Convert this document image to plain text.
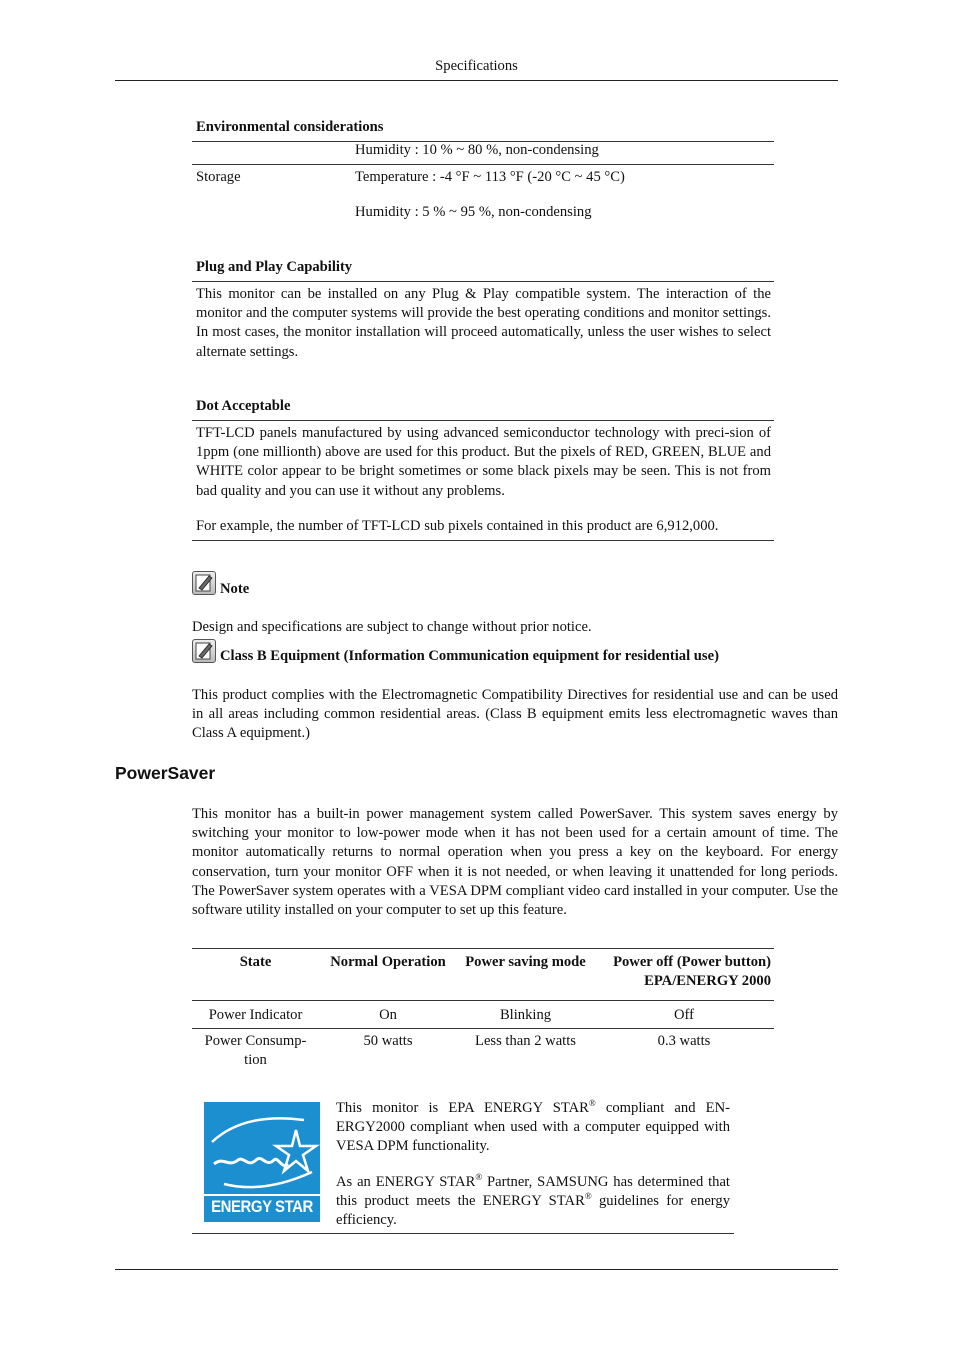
Specifications
Environmental considerations
Humidity : 10 % ~ 80 %, non-condensing
Storage	Temperature : -4 °F ~ 113 °F (-20 °C ~ 45 °C)
Humidity : 5 % ~ 95 %, non-condensing
Plug and Play Capability
This monitor can be installed on any Plug & Play compatible system. The interaction of the monitor and the computer systems will provide the best operating conditions and monitor settings. In most cases, the monitor installation will proceed automatically, unless the user wishes to select alternate settings.
Dot Acceptable
TFT-LCD panels manufactured by using advanced semiconductor technology with preci-sion of 1ppm (one millionth) above are used for this product. But the pixels of RED, GREEN, BLUE and WHITE color appear to be bright sometimes or some black pixels may be seen. This is not from bad quality and you can use it without any problems.
For example, the number of TFT-LCD sub pixels contained in this product are 6,912,000.
Note
Design and specifications are subject to change without prior notice.
Class B Equipment (Information Communication equipment for residential use)
This product complies with the Electromagnetic Compatibility Directives for residential use and can be used in all areas including common residential areas. (Class B equipment emits less electromagnetic waves than Class A equipment.)
PowerSaver
This monitor has a built-in power management system called PowerSaver. This system saves energy by switching your monitor to low-power mode when it has not been used for a certain amount of time. The monitor automatically returns to normal operation when you press a key on the keyboard. For energy conservation, turn your monitor OFF when it is not needed, or when leaving it unattended for long periods. The PowerSaver system operates with a VESA DPM compliant video card installed in your computer. Use the software utility installed on your computer to set up this feature.
State	Normal Operation	Power saving mode	Power off (Power button) EPA/ENERGY 2000

Power Indicator	On	Blinking	Off

Power Consump-tion	50 watts	Less than 2 watts	0.3 watts
ENERGY STAR

This monitor is EPA ENERGY STAR® compliant and EN-ERGY2000 compliant when used with a computer equipped with VESA DPM functionality.

As an ENERGY STAR® Partner, SAMSUNG has determined that this product meets the ENERGY STAR® guidelines for energy efficiency.
